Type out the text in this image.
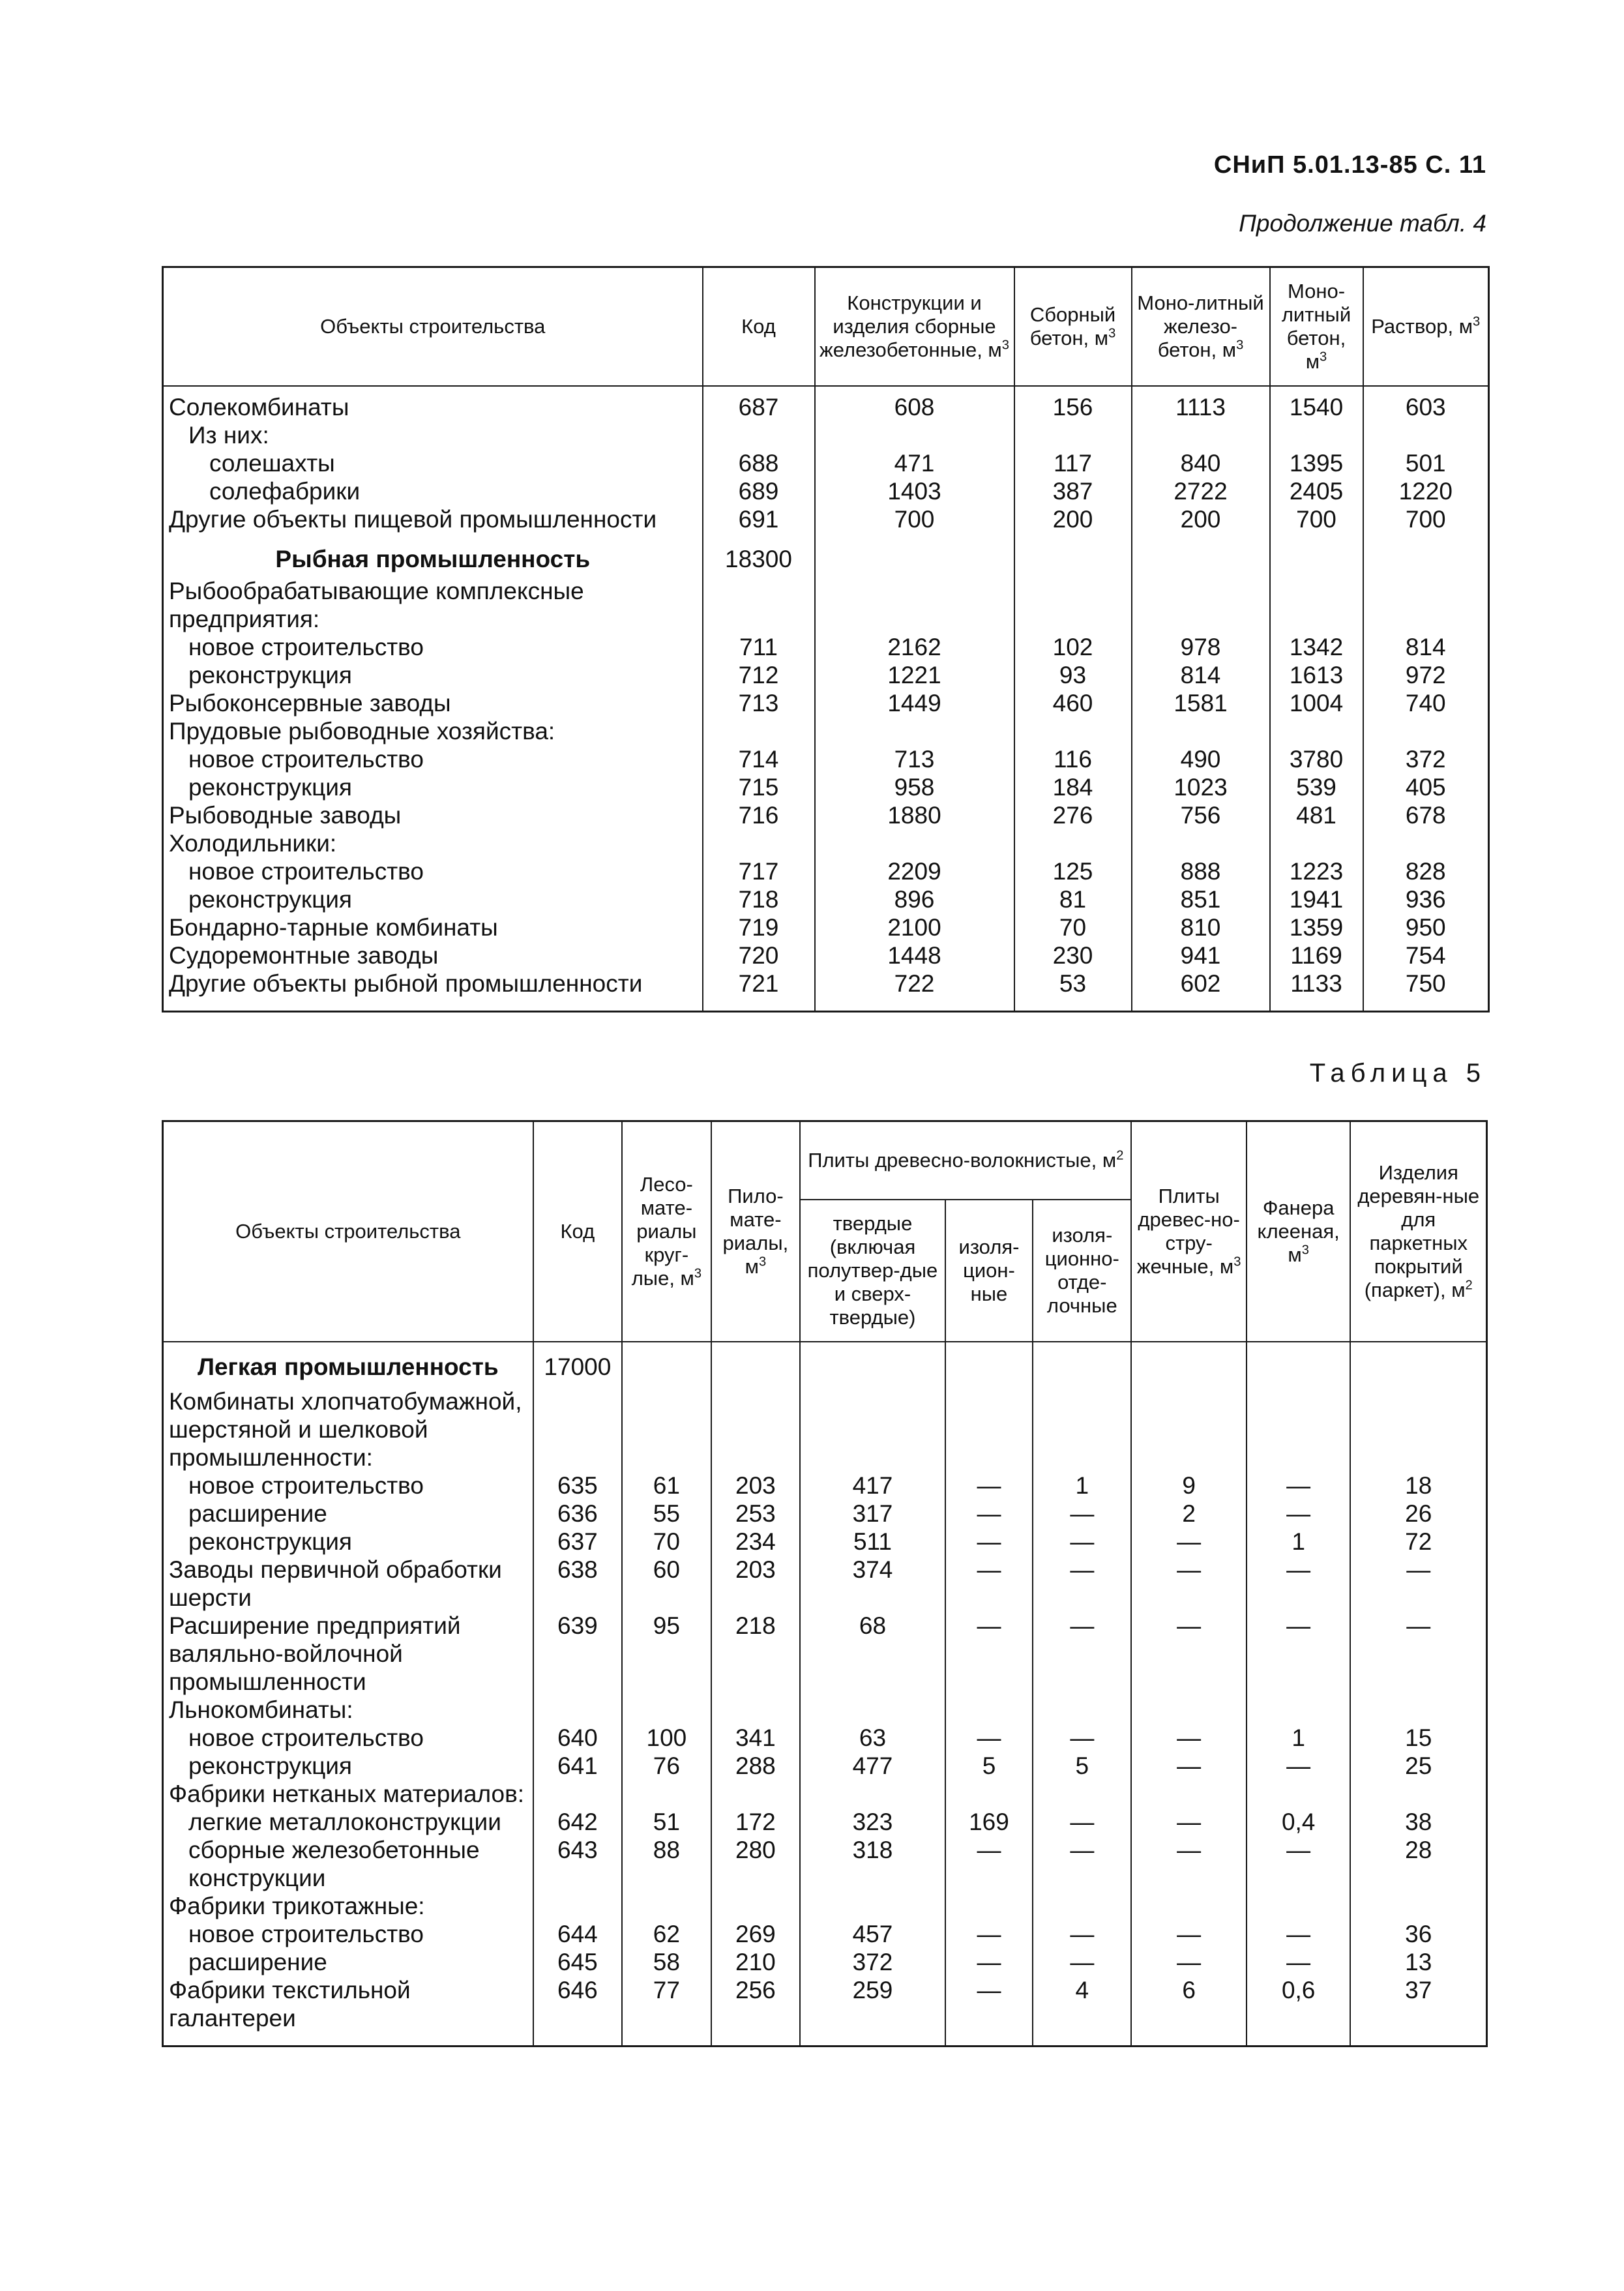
СНиП 5.01.13-85 С. 11
Продолжение табл. 4
Объекты строительства	Код	Конструкции и изделия сборные железобетонные, $м^3$	Сборный бетон, $м^3$	Моно-литный железо-бетон, $м^3$	Моно-литный бетон, $м^3$	Раствор, $м^3$
Солекомбинаты	687	608	156	1113	1540	603
Из них:						
солешахты	688	471	117	840	1395	501
солефабрики	689	1403	387	2722	2405	1220
Другие объекты пищевой промышленности	691	700	200	200	700	700
Рыбная промышленность	18300					
Рыбообрабатывающие комплексные предприятия:						
новое строительство	711	2162	102	978	1342	814
реконструкция	712	1221	93	814	1613	972
Рыбоконсервные заводы	713	1449	460	1581	1004	740
Прудовые рыбоводные хозяйства:						
новое строительство	714	713	116	490	3780	372
реконструкция	715	958	184	1023	539	405
Рыбоводные заводы	716	1880	276	756	481	678
Холодильники:						
новое строительство	717	2209	125	888	1223	828
реконструкция	718	896	81	851	1941	936
Бондарно-тарные комбинаты	719	2100	70	810	1359	950
Судоремонтные заводы	720	1448	230	941	1169	754
Другие объекты рыбной промышленности	721	722	53	602	1133	750
Таблица 5
Объекты строительства	Код	Лесо-мате-риалы круг-лые, $м^3$	Пило-мате-риалы, $м^3$	Плиты древесно-волокнистые, $м^2$			Плиты древес-но-стру-жечные, $м^3$	Фанера клееная, $м^3$	Изделия деревян-ные для паркетных покрытий (паркет), $м^2$
				твердые (включая полутвер-дые и сверх-твердые)	изоля-цион-ные	изоля-ционно-отде-лочные			
Легкая промышленность	17000								
Комбинаты хлопчатобумажной, шерстяной и шелковой промышленности:									
новое строительство	635	61	203	417	—	1	9	—	18
расширение	636	55	253	317	—	—	2	—	26
реконструкция	637	70	234	511	—	—	—	1	72
Заводы первичной обработки шерсти	638	60	203	374	—	—	—	—	—
Расширение предприятий валяльно-войлочной промышленности	639	95	218	68	—	—	—	—	—
Льнокомбинаты:									
новое строительство	640	100	341	63	—	—	—	1	15
реконструкция	641	76	288	477	5	5	—	—	25
Фабрики нетканых материалов:									
легкие металлоконструкции	642	51	172	323	169	—	—	0,4	38
сборные железобетонные конструкции	643	88	280	318	—	—	—	—	28
Фабрики трикотажные:									
новое строительство	644	62	269	457	—	—	—	—	36
расширение	645	58	210	372	—	—	—	—	13
Фабрики текстильной галантереи	646	77	256	259	—	4	6	0,6	37
